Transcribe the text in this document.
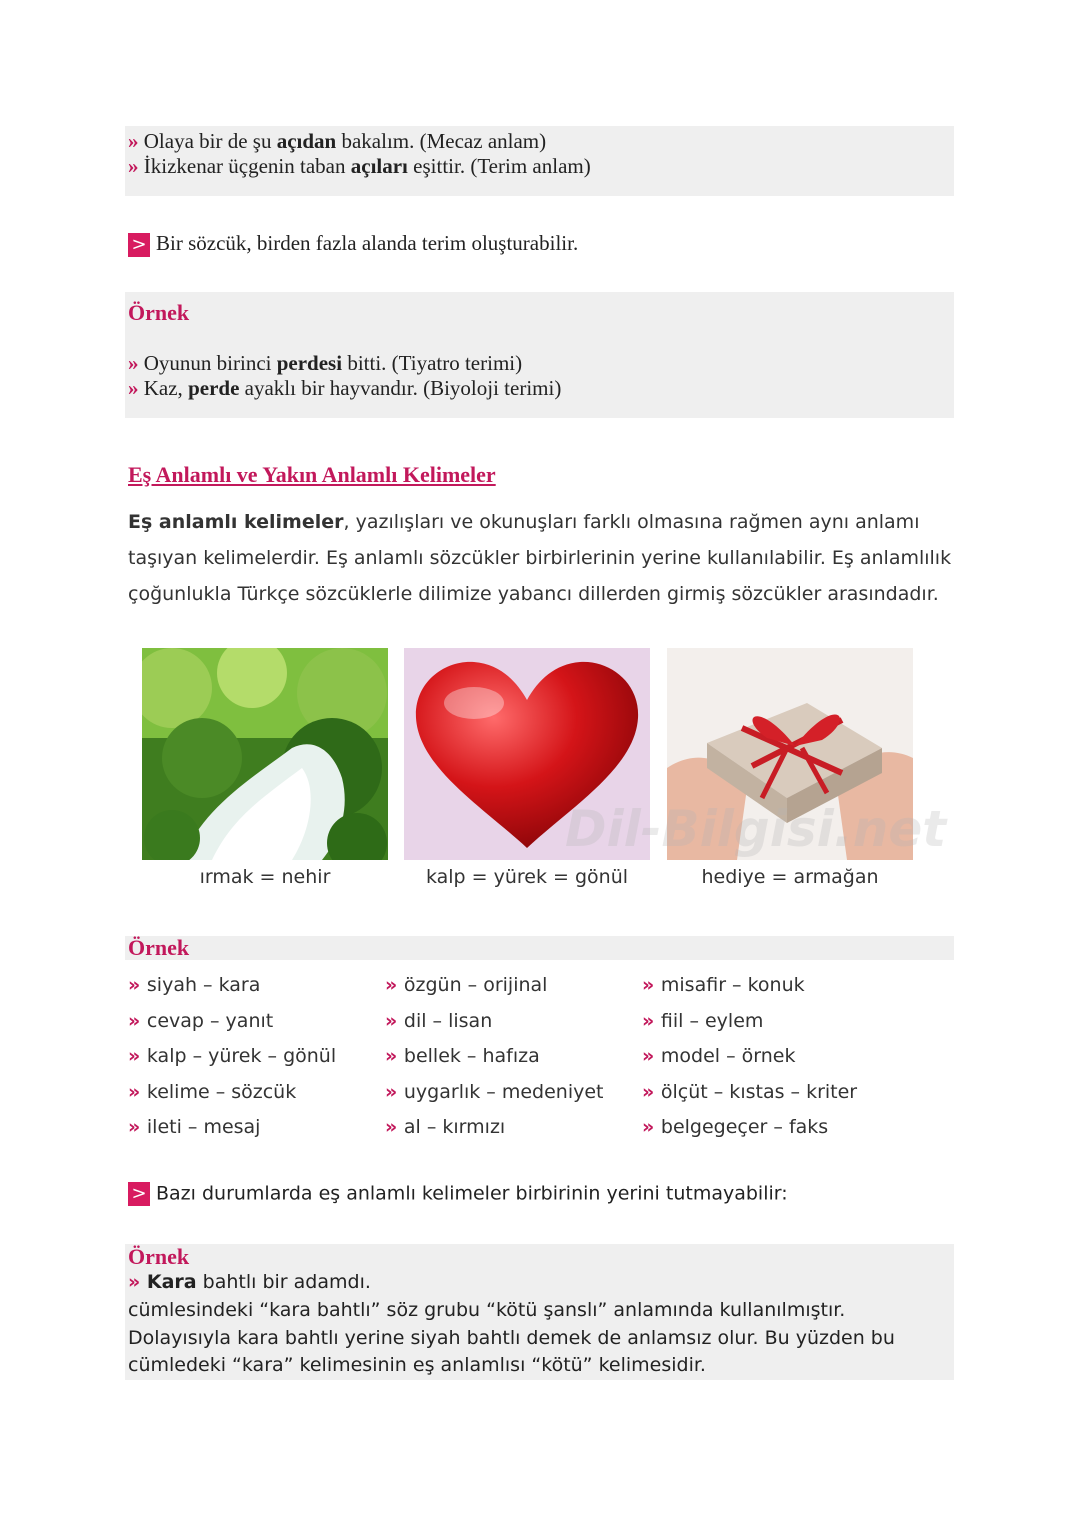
» Olaya bir de şu açıdan bakalım. (Mecaz anlam)
» İkizkenar üçgenin taban açıları eşittir. (Terim anlam)
> Bir sözcük, birden fazla alanda terim oluşturabilir.
Örnek
» Oyunun birinci perdesi bitti. (Tiyatro terimi)
» Kaz, perde ayaklı bir hayvandır. (Biyoloji terimi)
Eş Anlamlı ve Yakın Anlamlı Kelimeler
Eş anlamlı kelimeler, yazılışları ve okunuşları farklı olmasına rağmen aynı anlamı taşıyan kelimelerdir. Eş anlamlı sözcükler birbirlerinin yerine kullanılabilir. Eş anlamlılık çoğunlukla Türkçe sözcüklerle dilimize yabancı dillerden girmiş sözcükler arasındadır.
Dil-Bilgisi.net
ırmak = nehir	kalp = yürek = gönül	hediye = armağan
Örnek
» siyah – kara
» cevap – yanıt
» kalp – yürek – gönül
» kelime – sözcük
» ileti – mesaj
» özgün – orijinal
» dil – lisan
» bellek – hafıza
» uygarlık – medeniyet
» al – kırmızı
» misafir – konuk
» fiil – eylem
» model – örnek
» ölçüt – kıstas – kriter
» belgegeçer – faks
> Bazı durumlarda eş anlamlı kelimeler birbirinin yerini tutmayabilir:
Örnek
» Kara bahtlı bir adamdı.
cümlesindeki “kara bahtlı” söz grubu “kötü şanslı” anlamında kullanılmıştır.
Dolayısıyla kara bahtlı yerine siyah bahtlı demek de anlamsız olur. Bu yüzden bu
cümledeki “kara” kelimesinin eş anlamlısı “kötü” kelimesidir.
